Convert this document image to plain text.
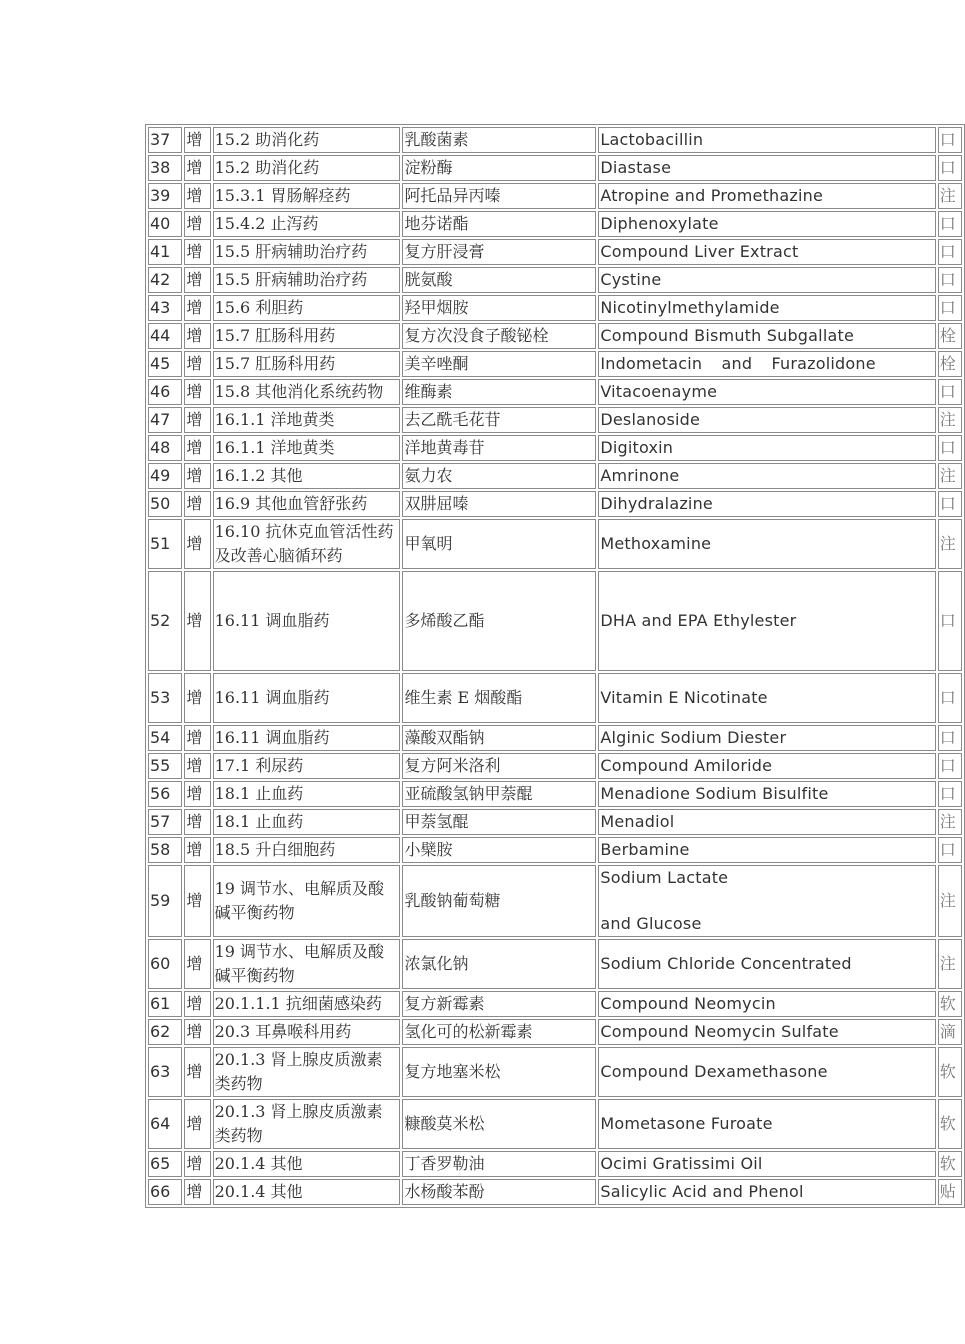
37	增	15.2 助消化药	乳酸菌素	Lactobacillin	口
38	增	15.2 助消化药	淀粉酶	Diastase	口
39	增	15.3.1 胃肠解痉药	阿托品异丙嗪	Atropine and Promethazine	注
40	增	15.4.2 止泻药	地芬诺酯	Diphenoxylate	口
41	增	15.5 肝病辅助治疗药	复方肝浸膏	Compound Liver Extract	口
42	增	15.5 肝病辅助治疗药	胱氨酸	Cystine	口
43	增	15.6 利胆药	羟甲烟胺	Nicotinylmethylamide	口
44	增	15.7 肛肠科用药	复方次没食子酸铋栓	Compound Bismuth Subgallate	栓
45	增	15.7 肛肠科用药	美辛唑酮	Indometacin and Furazolidone	栓
46	增	15.8 其他消化系统药物	维酶素	Vitacoenayme	口
47	增	16.1.1 洋地黄类	去乙酰毛花苷	Deslanoside	注
48	增	16.1.1 洋地黄类	洋地黄毒苷	Digitoxin	口
49	增	16.1.2 其他	氨力农	Amrinone	注
50	增	16.9 其他血管舒张药	双肼屈嗪	Dihydralazine	口
51	增	16.10 抗休克血管活性药及改善心脑循环药	甲氧明	Methoxamine	注
52	增	16.11 调血脂药	多烯酸乙酯	DHA and EPA Ethylester	口
53	增	16.11 调血脂药	维生素 E 烟酸酯	Vitamin E Nicotinate	口
54	增	16.11 调血脂药	藻酸双酯钠	Alginic Sodium Diester	口
55	增	17.1 利尿药	复方阿米洛利	Compound Amiloride	口
56	增	18.1 止血药	亚硫酸氢钠甲萘醌	Menadione Sodium Bisulfite	口
57	增	18.1 止血药	甲萘氢醌	Menadiol	注
58	增	18.5 升白细胞药	小檗胺	Berbamine	口
59	增	19 调节水、电解质及酸碱平衡药物	乳酸钠葡萄糖	Sodium Lactate
and Glucose	注
60	增	19 调节水、电解质及酸碱平衡药物	浓氯化钠	Sodium Chloride Concentrated	注
61	增	20.1.1.1 抗细菌感染药	复方新霉素	Compound Neomycin	软
62	增	20.3 耳鼻喉科用药	氢化可的松新霉素	Compound Neomycin Sulfate	滴
63	增	20.1.3 肾上腺皮质激素类药物	复方地塞米松	Compound Dexamethasone	软
64	增	20.1.3 肾上腺皮质激素类药物	糠酸莫米松	Mometasone Furoate	软
65	增	20.1.4 其他	丁香罗勒油	Ocimi Gratissimi Oil	软
66	增	20.1.4 其他	水杨酸苯酚	Salicylic Acid and Phenol	贴
